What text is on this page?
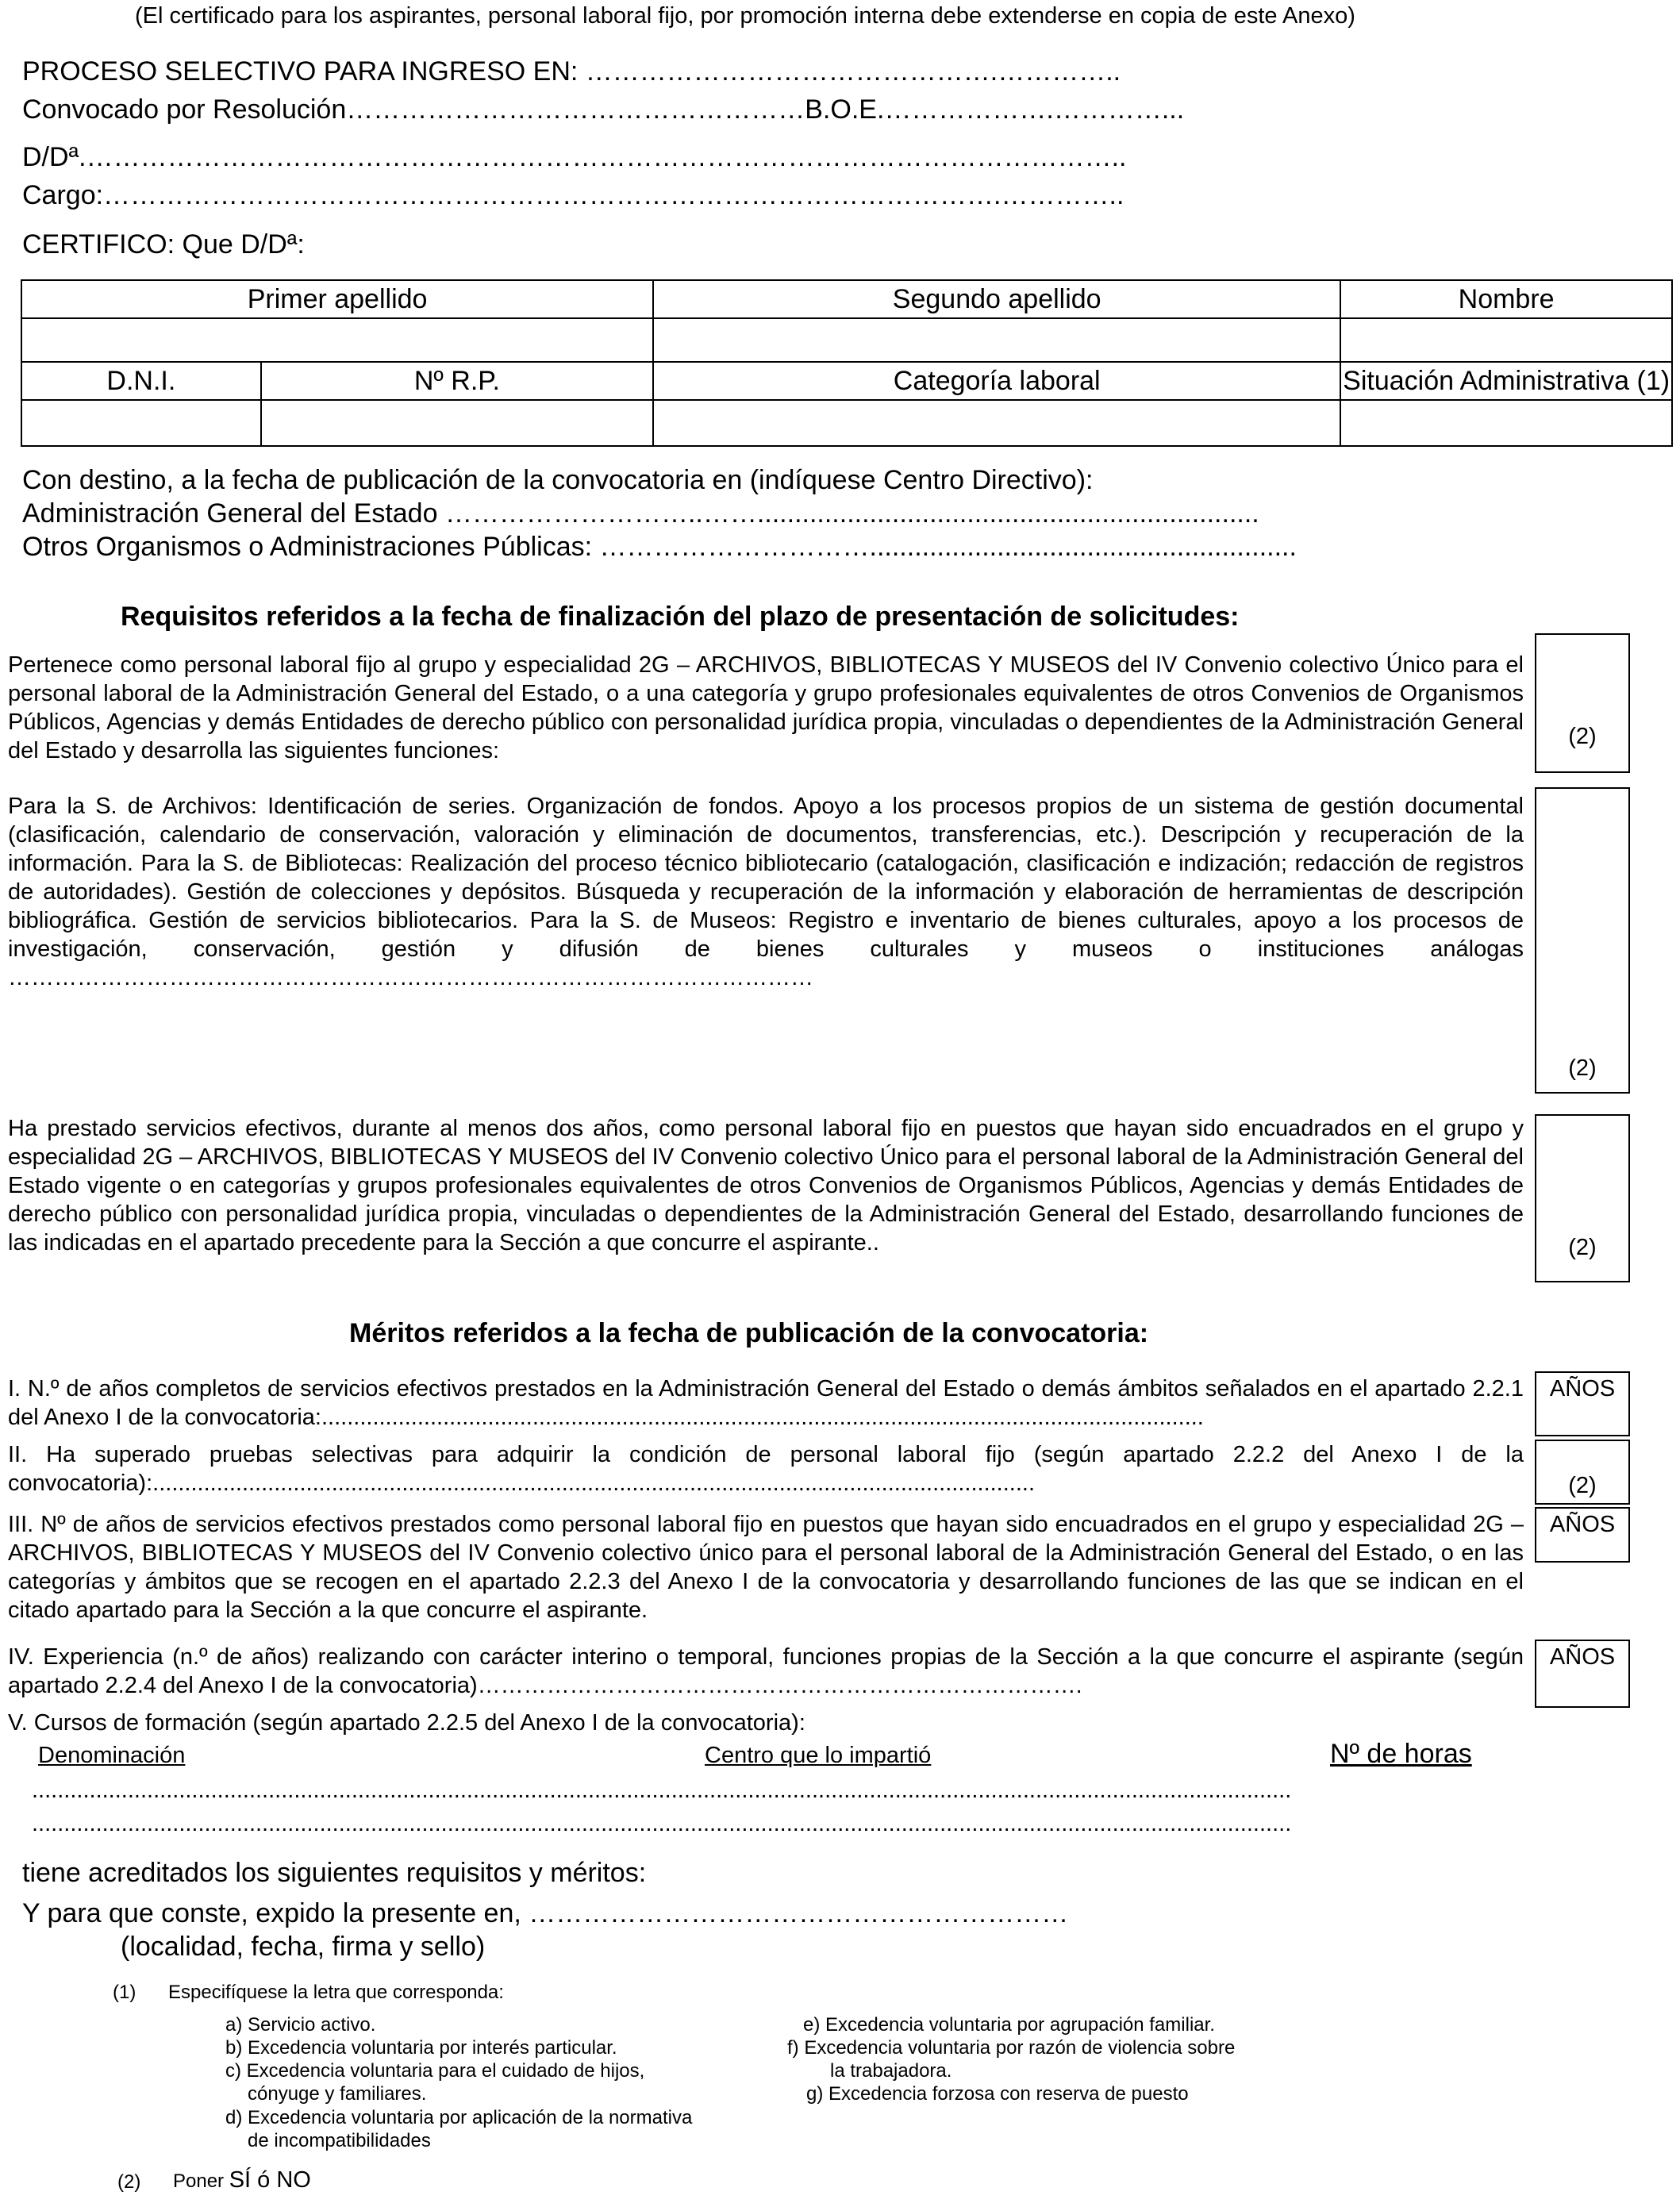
(El certificado para los aspirantes, personal laboral fijo, por promoción interna debe extenderse en copia de este Anexo)
PROCESO SELECTIVO PARA INGRESO EN: ……………………………………….…………..
Convocado por Resolución……………………………………………B.O.E.……………….…………...
D/Dª.……………………………………………………………………………………………………..
Cargo:……………………………………………………………………………………….…………..
CERTIFICO: Que D/Dª:
Primer apellido		Segundo apellido	Nombre

D.N.I.	Nº R.P.	Categoría laboral	Situación Administrativa (1)

Con destino, a la fecha de publicación de la convocatoria en (indíquese Centro Directivo):
Administración General del Estado ………………………..……...................................................................
Otros Organismos o Administraciones Públicas: ………………………….........................................................
Requisitos referidos a la fecha de finalización del plazo de presentación de solicitudes:
Pertenece como personal laboral fijo al grupo y especialidad 2G – ARCHIVOS, BIBLIOTECAS Y MUSEOS del IV Convenio colectivo Único para el personal laboral de la Administración General del Estado, o a una categoría y grupo profesionales equivalentes de otros Convenios de Organismos Públicos, Agencias y demás Entidades de derecho público con personalidad jurídica propia, vinculadas o dependientes de la Administración General del Estado y desarrolla las siguientes funciones:
(2)
Para la S. de Archivos: Identificación de series. Organización de fondos. Apoyo a los procesos propios de un sistema de gestión documental (clasificación, calendario de conservación, valoración y eliminación de documentos, transferencias, etc.). Descripción y recuperación de la información. Para la S. de Bibliotecas: Realización del proceso técnico bibliotecario (catalogación, clasificación e indización; redacción de registros de autoridades). Gestión de colecciones y depósitos. Búsqueda y recuperación de la información y elaboración de herramientas de descripción bibliográfica. Gestión de servicios bibliotecarios. Para la S. de Museos: Registro e inventario de bienes culturales, apoyo a los procesos de investigación, conservación, gestión y difusión de bienes culturales y museos o instituciones análogas ……………………………………………………………………………………………
(2)
Ha prestado servicios efectivos, durante al menos dos años, como personal laboral fijo en puestos que hayan sido encuadrados en el grupo y especialidad 2G – ARCHIVOS, BIBLIOTECAS Y MUSEOS del IV Convenio colectivo Único para el personal laboral de la Administración General del Estado vigente o en categorías y grupos profesionales equivalentes de otros Convenios de Organismos Públicos, Agencias y demás Entidades de derecho público con personalidad jurídica propia, vinculadas o dependientes de la Administración General del Estado, desarrollando funciones de las indicadas en el apartado precedente para la Sección a que concurre el aspirante..	(2)
Méritos referidos a la fecha de publicación de la convocatoria:
I. N.º de años completos de servicios efectivos prestados en la Administración General del Estado o demás ámbitos señalados en el apartado 2.2.1 del Anexo I de la convocatoria:..........................................................................................................................................
II. Ha superado pruebas selectivas para adquirir la condición de personal laboral fijo (según apartado 2.2.2 del Anexo I de la convocatoria):..........................................................................................................................................
III. Nº de años de servicios efectivos prestados como personal laboral fijo en puestos que hayan sido encuadrados en el grupo y especialidad 2G – ARCHIVOS, BIBLIOTECAS Y MUSEOS del IV Convenio colectivo único para el personal laboral de la Administración General del Estado, o en las categorías y ámbitos que se recogen en el apartado 2.2.3 del Anexo I de la convocatoria y desarrollando funciones de las que se indican en el citado apartado para la Sección a la que concurre el aspirante.
IV. Experiencia (n.º de años) realizando con carácter interino o temporal, funciones propias de la Sección a la que concurre el aspirante (según apartado 2.2.4 del Anexo I de la convocatoria)…………………………………………………………………….
V. Cursos de formación (según apartado 2.2.5 del Anexo I de la convocatoria):
AÑOS
(2)
AÑOS
AÑOS
Denominación	Centro que lo impartió	Nº de horas
.....................................................................................................................................................................................................
.....................................................................................................................................................................................................
tiene acreditados los siguientes requisitos y méritos:
Y para que conste, expido la presente en, ……………………………………………………
(localidad, fecha, firma y sello)
(1) Especifíquese la letra que corresponda:
a) Servicio activo.
b) Excedencia voluntaria por interés particular.
c) Excedencia voluntaria para el cuidado de hijos,
cónyuge y familiares.
d) Excedencia voluntaria por aplicación de la normativa
de incompatibilidades
e) Excedencia voluntaria por agrupación familiar.
f) Excedencia voluntaria por razón de violencia sobre
la trabajadora.
g) Excedencia forzosa con reserva de puesto
(2) Poner SÍ ó NO
